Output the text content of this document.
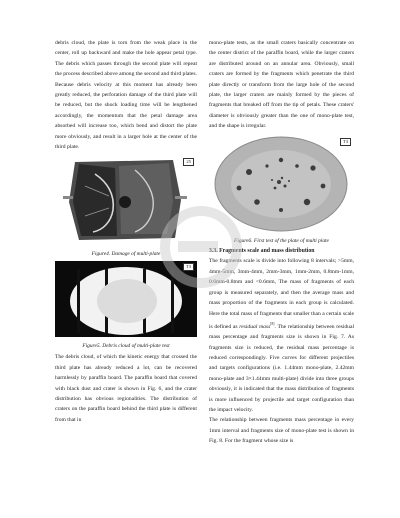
debris cloud, the plate is torn from the weak place in the center, roll up backward and make the hole appear petal type. The debris which passes through the second plate will repeat the process described above among the second and third plates. Because debris velocity at this moment has already been greatly reduced, the perforation damage of the third plate will be reduced, but the shock loading time will be lengthened accordingly, the momentum that the petal damage area absorbed will increase too, which bend and distort the plate more obviously, and result in a larger hole at the center of the third plate.

25
Figure4. Damage of multi-plate
T3
Figure5. Debris cloud of multi-plate test

The debris cloud, of which the kinetic energy that crossed the third plate has already reduced a lot, can be recovered harmlessly by paraffin board. The paraffin board that covered with black dust and crater is shown in Fig. 6, and the crater distribution has obvious regionalities. The distribution of craters on the paraffin board behind the third plate is different from that in

mono-plate tests, as the small craters basically concentrate on the center district of the paraffin board, while the larger craters are distributed around on an annular area. Obviously, small craters are formed by the fragments which penetrate the third plate directly or transform from the large hole of the second plate, the larger craters are mainly formed by the pieces of fragments that breaked off from the tip of petals. These craters' diameter is obviously greater than the one of mono-plate test, and the shape is irregular.

T3
Figure6. First test of the plate of multi plate
3.3. Fragments scale and mass distribution

The fragments scale is divide into following 8 intervals; >5mm, 4mm-5mm, 3mm-4mm, 2mm-3mm, 1mm-2mm, 0.8mm-1mm, 0.6mm-0.8mm and <0.6mm, The mass of fragments of each group is measured separately, and then the average mass and mass proportion of the fragments in each group is calculated. Here the total mass of fragments that smaller than a certain scale is defined as residual mass[8]. The relationship between residual mass percentage and fragments size is shown in Fig. 7. As fragments size is reduced, the residual mass percentage is reduced correspondingly. Five curves for different projectiles and targets configurations (i.e. 1.44mm mono-plate, 2.42mm mono-plate and 3×1.44mm multi-plate) divide into three groups obviously, it is indicated that the mass distribution of fragments is more influenced by projectile and target configuration than the impact velocity.

The relationship between fragments mass percentage in every 1mm interval and fragments size of mono-plate test is shown in Fig. 8. For the fragment whose size is
